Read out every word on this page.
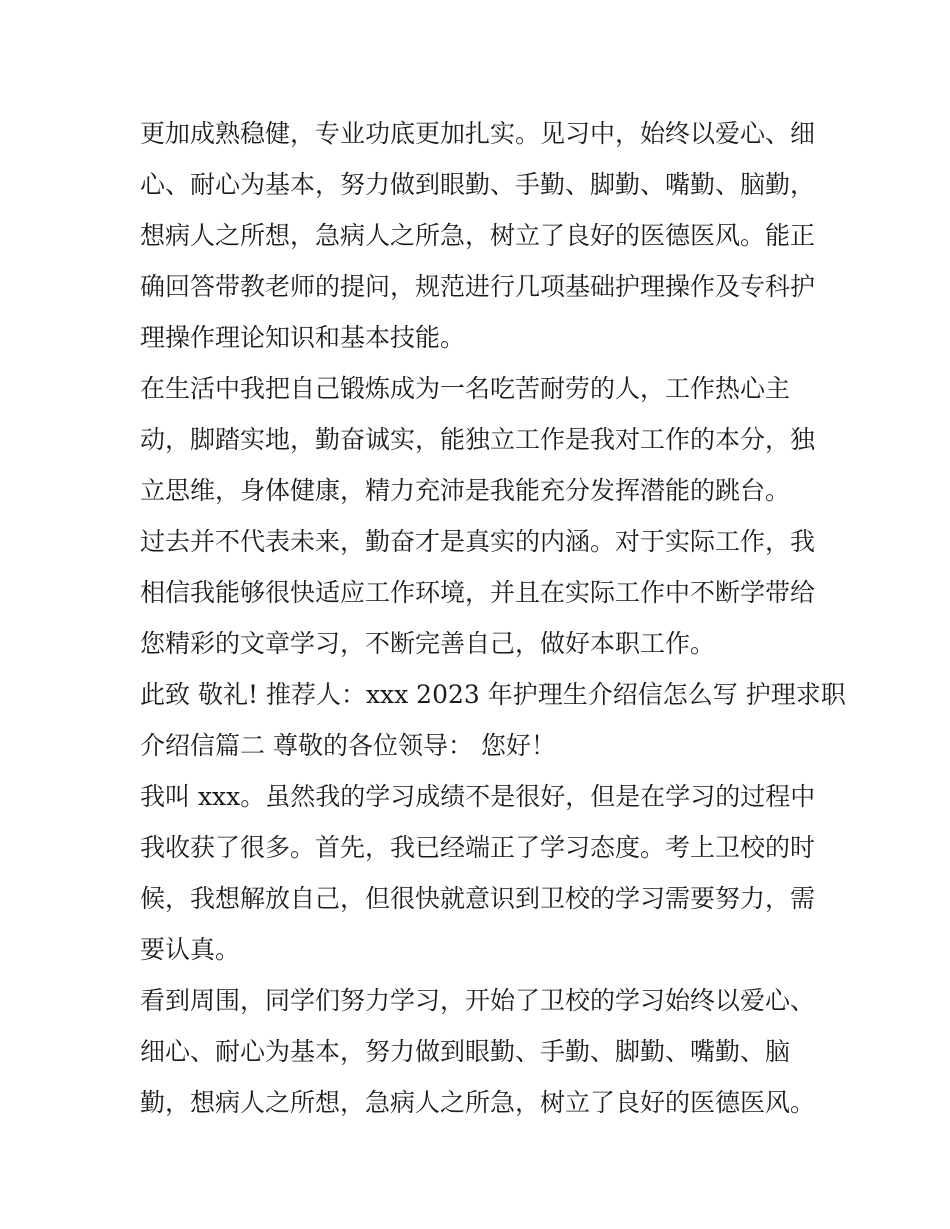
更加成熟稳健，专业功底更加扎实。见习中，始终以爱心、细
心、耐心为基本，努力做到眼勤、手勤、脚勤、嘴勤、脑勤，
想病人之所想，急病人之所急，树立了良好的医德医风。能正
确回答带教老师的提问，规范进行几项基础护理操作及专科护
理操作理论知识和基本技能。

在生活中我把自己锻炼成为一名吃苦耐劳的人，工作热心主
动，脚踏实地，勤奋诚实，能独立工作是我对工作的本分，独
立思维，身体健康，精力充沛是我能充分发挥潜能的跳台。

过去并不代表未来，勤奋才是真实的内涵。对于实际工作，我
相信我能够很快适应工作环境，并且在实际工作中不断学带给
您精彩的文章学习，不断完善自己，做好本职工作。

此致 敬礼! 推荐人：xxx 2023 年护理生介绍信怎么写 护理求职
介绍信篇二 尊敬的各位领导： 您好！

我叫 xxx。虽然我的学习成绩不是很好，但是在学习的过程中
我收获了很多。首先，我已经端正了学习态度。考上卫校的时
候，我想解放自己，但很快就意识到卫校的学习需要努力，需
要认真。

看到周围，同学们努力学习，开始了卫校的学习始终以爱心、
细心、耐心为基本，努力做到眼勤、手勤、脚勤、嘴勤、脑
勤，想病人之所想，急病人之所急，树立了良好的医德医风。
